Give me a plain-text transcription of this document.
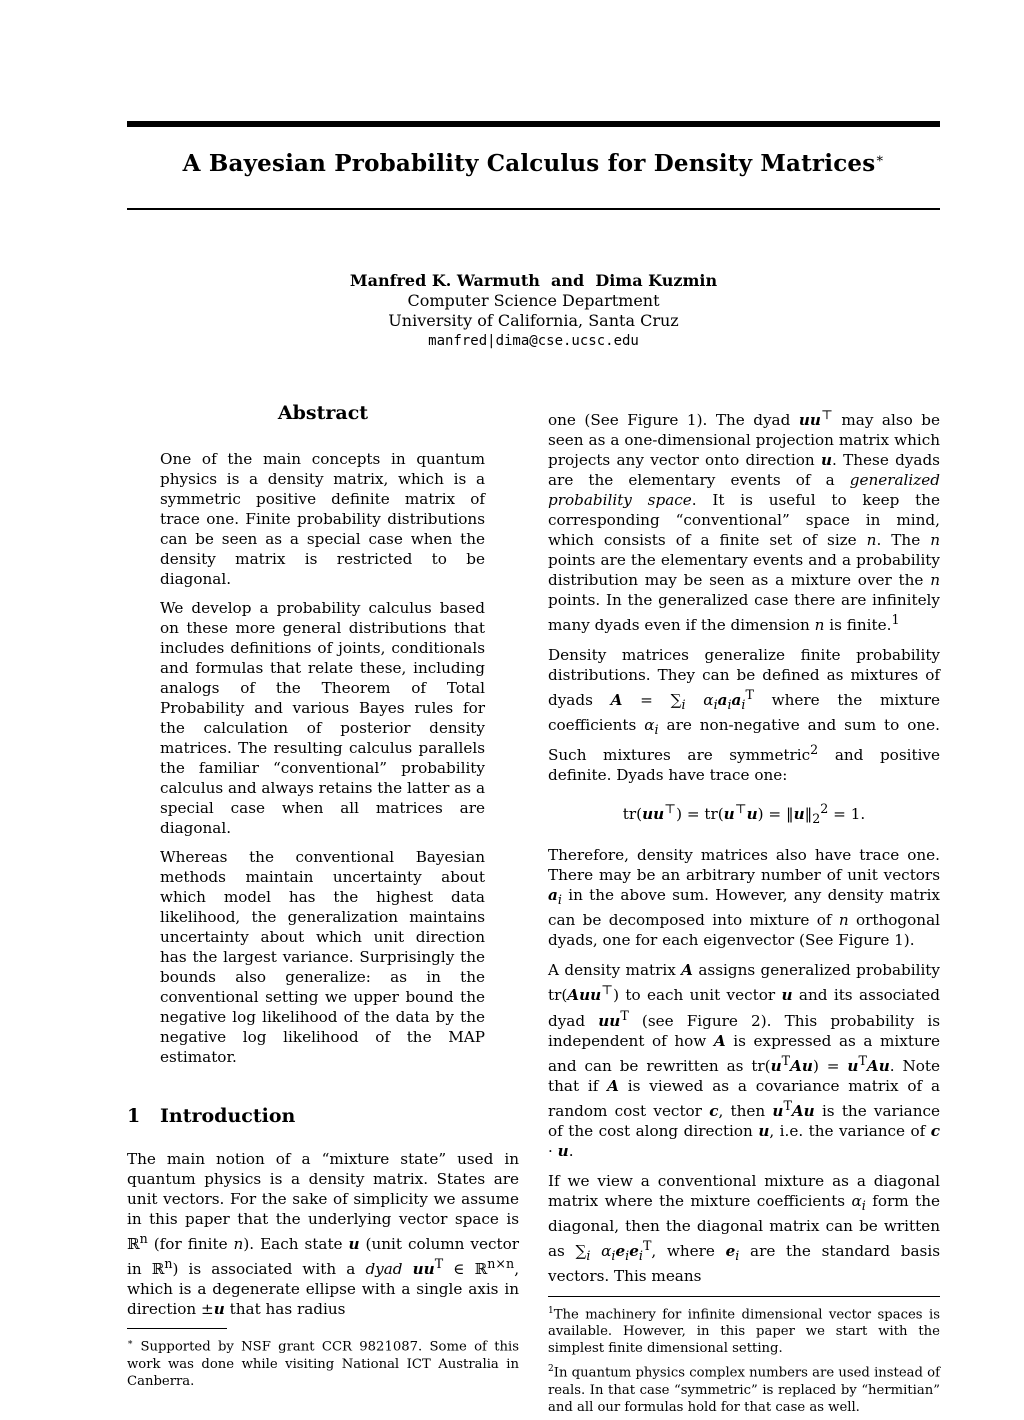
A Bayesian Probability Calculus for Density Matrices∗
Manfred K. Warmuth  and  Dima Kuzmin
Computer Science Department
University of California, Santa Cruz
manfred|dima@cse.ucsc.edu
Abstract

One of the main concepts in quantum physics is a density matrix, which is a symmetric positive definite matrix of trace one. Finite probability distributions can be seen as a special case when the density matrix is restricted to be diagonal.

We develop a probability calculus based on these more general distributions that includes definitions of joints, conditionals and formulas that relate these, including analogs of the Theorem of Total Probability and various Bayes rules for the calculation of posterior density matrices. The resulting calculus parallels the familiar “conventional” probability calculus and always retains the latter as a special case when all matrices are diagonal.

Whereas the conventional Bayesian methods maintain uncertainty about which model has the highest data likelihood, the generalization maintains uncertainty about which unit direction has the largest variance. Surprisingly the bounds also generalize: as in the conventional setting we upper bound the negative log likelihood of the data by the negative log likelihood of the MAP estimator.

1	Introduction

The main notion of a “mixture state” used in quantum physics is a density matrix. States are unit vectors. For the sake of simplicity we assume in this paper that the underlying vector space is ℝ$^n$ (for finite n). Each state u (unit column vector in ℝ$^n$) is associated with a dyad $uu^T$ ∈ ℝ$^{n\times n}$, which is a degenerate ellipse with a single axis in direction ±u that has radius

∗ Supported by NSF grant CCR 9821087. Some of this work was done while visiting National ICT Australia in Canberra.

one (See Figure 1). The dyad uu⊤ may also be seen as a one-dimensional projection matrix which projects any vector onto direction u. These dyads are the elementary events of a generalized probability space. It is useful to keep the corresponding “conventional” space in mind, which consists of a finite set of size n. The n points are the elementary events and a probability distribution may be seen as a mixture over the n points. In the generalized case there are infinitely many dyads even if the dimension n is finite.$^1$

Density matrices generalize finite probability distributions. They can be defined as mixtures of dyads $A = \sum_i$ $\alpha_ia_ia_i^T$ where the mixture coefficients $\alpha_i$ are non-negative and sum to one. Such mixtures are symmetric$^2$ and positive definite. Dyads have trace one:

$tr(uu^⊤) = tr(u^⊤u) = ‖u‖_2^2 = 1$.

Therefore, density matrices also have trace one. There may be an arbitrary number of unit vectors $a_i$ in the above sum. However, any density matrix can be decomposed into mixture of n orthogonal dyads, one for each eigenvector (See Figure 1).

A density matrix A assigns generalized probability tr(Auu⊤) to each unit vector u and its associated dyad $uu^T$ (see Figure 2). This probability is independent of how A is expressed as a mixture and can be rewritten as $tr(u^TAu) = u^TAu$. Note that if A is viewed as a covariance matrix of a random cost vector c, then $u^TAu$ is the variance of the cost along direction u, i.e. the variance of c · u.

If we view a conventional mixture as a diagonal matrix where the mixture coefficients $\alpha_i$ form the diagonal, then the diagonal matrix can be written as $\sum_i$ $\alpha_ie_ie_i^T$, where $e_i$ are the standard basis vectors. This means

$^1$The machinery for infinite dimensional vector spaces is available. However, in this paper we start with the simplest finite dimensional setting.

$^2$In quantum physics complex numbers are used instead of reals. In that case “symmetric” is replaced by “hermitian” and all our formulas hold for that case as well.
